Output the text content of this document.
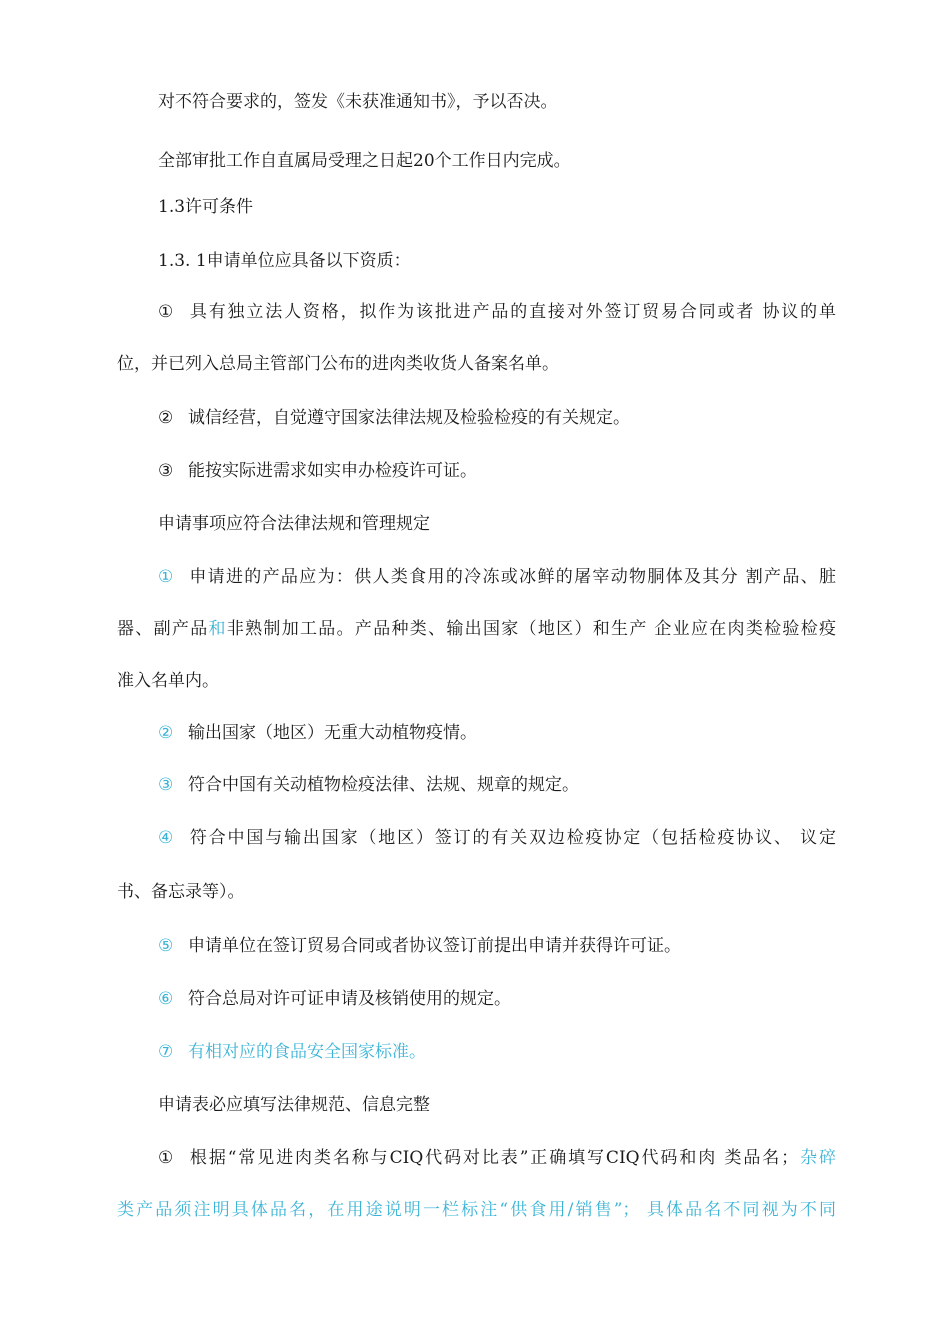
对不符合要求的，签发《未获准通知书》，予以否决。
全部审批工作自直属局受理之日起20个工作日内完成。
1.3许可条件
1.3. 1申请单位应具备以下资质：
① 具有独立法人资格，拟作为该批进产品的直接对外签订贸易合同或者 协议的单
位，并已列入总局主管部门公布的进肉类收货人备案名单。
② 诚信经营，自觉遵守国家法律法规及检验检疫的有关规定。
③ 能按实际进需求如实申办检疫许可证。
申请事项应符合法律法规和管理规定
① 申请进的产品应为：供人类食用的冷冻或冰鲜的屠宰动物胴体及其分 割产品、脏
器、副产品和非熟制加工品。产品种类、输出国家（地区）和生产 企业应在肉类检验检疫
准入名单内。
② 输出国家（地区）无重大动植物疫情。
③ 符合中国有关动植物检疫法律、法规、规章的规定。
④ 符合中国与输出国家（地区）签订的有关双边检疫协定（包括检疫协议、 议定
书、备忘录等）。
⑤ 申请单位在签订贸易合同或者协议签订前提出申请并获得许可证。
⑥ 符合总局对许可证申请及核销使用的规定。
⑦ 有相对应的食品安全国家标准。
申请表必应填写法律规范、信息完整
① 根据“常见进肉类名称与CIQ代码对比表”正确填写CIQ代码和肉 类品名；杂碎
类产品须注明具体品名，在用途说明一栏标注“供食用/销售”； 具体品名不同视为不同
